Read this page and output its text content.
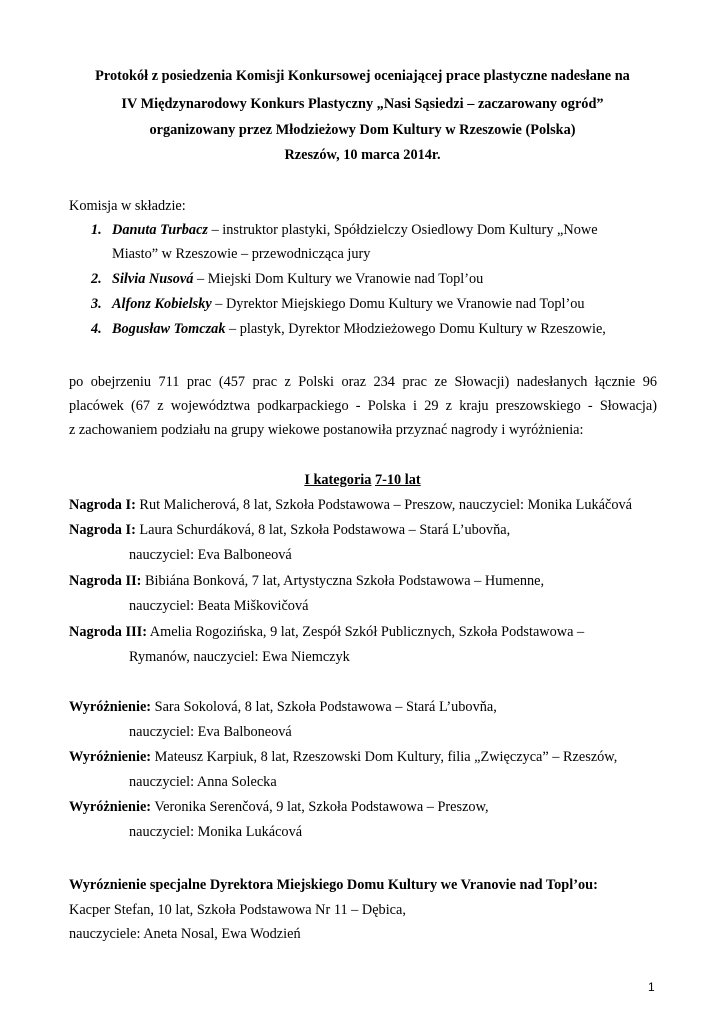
Protokół z posiedzenia Komisji Konkursowej oceniającej prace plastyczne nadesłane na
IV Międzynarodowy Konkurs Plastyczny „Nasi Sąsiedzi – zaczarowany ogród”
organizowany przez Młodzieżowy Dom Kultury w Rzeszowie (Polska)
Rzeszów, 10 marca 2014r.
Komisja w składzie:
1. Danuta Turbacz – instruktor plastyki, Spółdzielczy Osiedlowy Dom Kultury „Nowe
Miasto” w Rzeszowie – przewodnicząca jury
2. Silvia Nusová – Miejski Dom Kultury we Vranowie nad Topl’ou
3. Alfonz Kobielsky – Dyrektor Miejskiego Domu Kultury we Vranowie nad Topl’ou
4. Bogusław Tomczak – plastyk, Dyrektor Młodzieżowego Domu Kultury w Rzeszowie,
po obejrzeniu 711 prac (457 prac z Polski oraz 234 prac ze Słowacji) nadesłanych łącznie 96
placówek (67 z województwa podkarpackiego - Polska i 29 z kraju preszowskiego - Słowacja)
z zachowaniem podziału na grupy wiekowe postanowiła przyznać nagrody i wyróżnienia:
I kategoria 7-10 lat
Nagroda I: Rut Malicherová, 8 lat, Szkoła Podstawowa – Preszow, nauczyciel: Monika Lukáčová
Nagroda I: Laura Schurdáková, 8 lat, Szkoła Podstawowa – Stará L’ubovňa,
nauczyciel: Eva Balboneová
Nagroda II: Bibiána Bonková, 7 lat, Artystyczna Szkoła Podstawowa – Humenne,
nauczyciel: Beata Miškovičová
Nagroda III: Amelia Rogozińska, 9 lat, Zespół Szkół Publicznych, Szkoła Podstawowa –
Rymanów, nauczyciel: Ewa Niemczyk
Wyróżnienie: Sara Sokolová, 8 lat, Szkoła Podstawowa – Stará L’ubovňa,
nauczyciel: Eva Balboneová
Wyróżnienie: Mateusz Karpiuk, 8 lat, Rzeszowski Dom Kultury, filia „Zwięczyca” – Rzeszów,
nauczyciel: Anna Solecka
Wyróżnienie: Veronika Serenčová, 9 lat, Szkoła Podstawowa – Preszow,
nauczyciel: Monika Lukácová
Wyróznienie specjalne Dyrektora Miejskiego Domu Kultury we Vranovie nad Topl’ou:
Kacper Stefan, 10 lat, Szkoła Podstawowa Nr 11 – Dębica,
nauczyciele: Aneta Nosal, Ewa Wodzień
1
